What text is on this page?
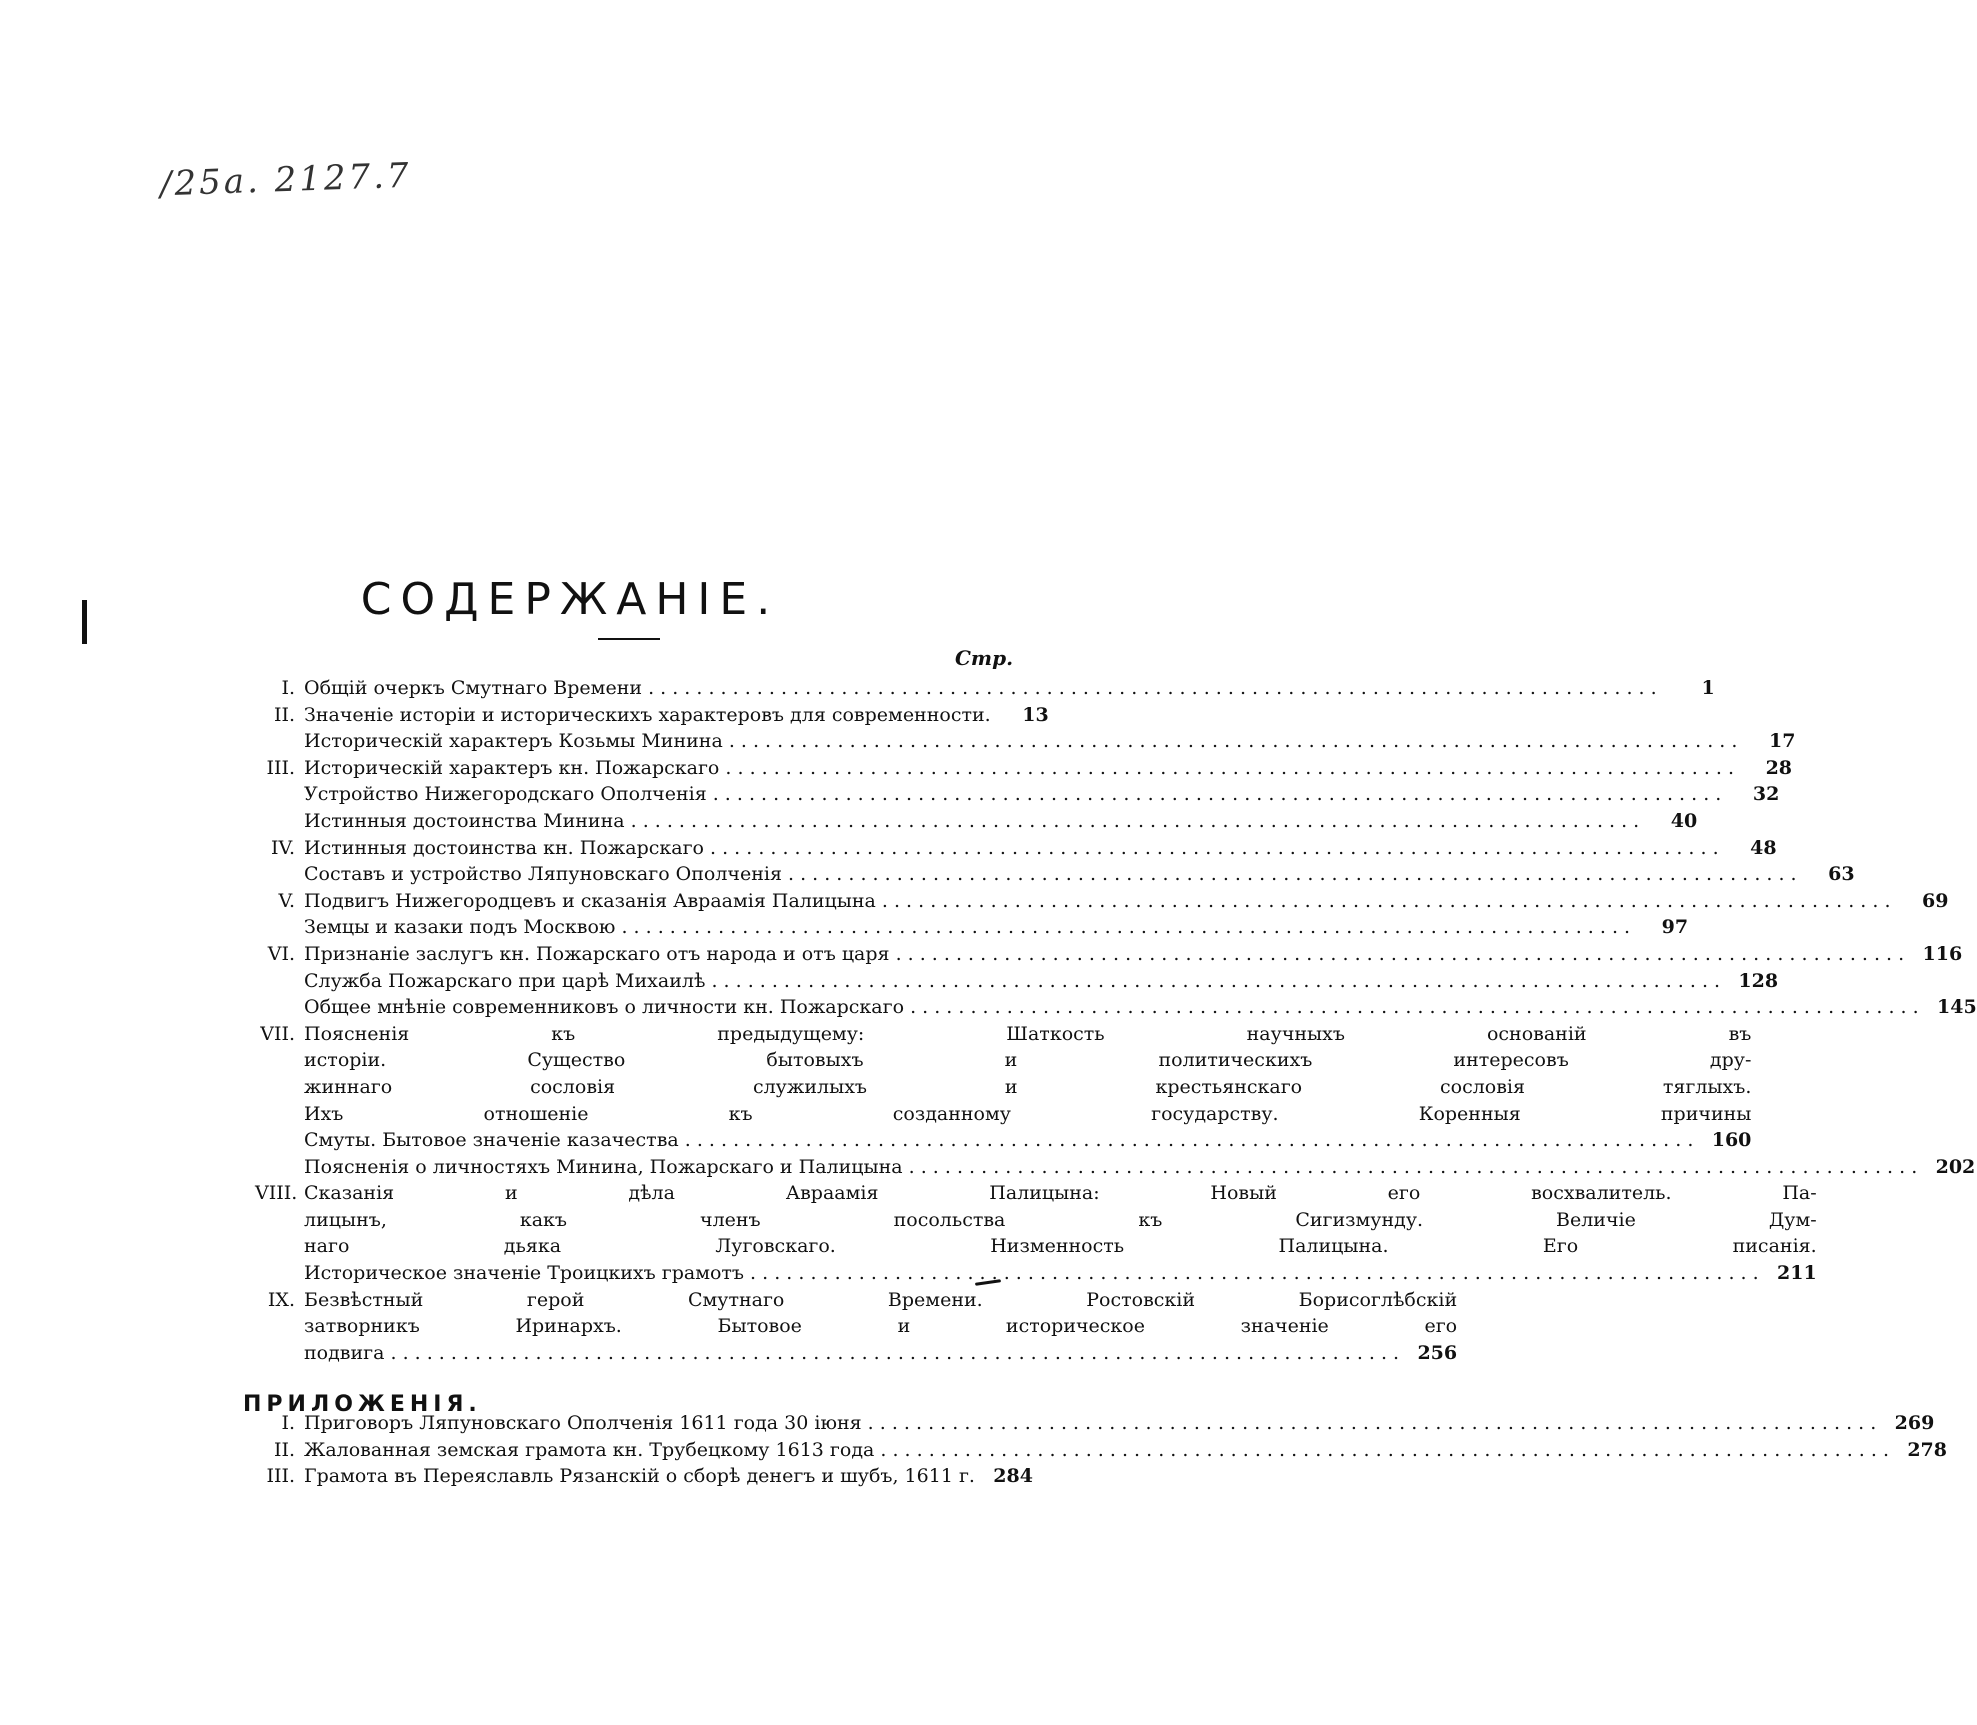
/25a. 2127.7
СОДЕРЖАНІЕ.
Стр.
I. Общій очеркъ Смутнаго Времени . . .	1
II. Значеніе исторіи и историческихъ характеровъ для современности.	13
Историческій характеръ Козьмы Минина . . .	17
III. Историческій характеръ кн. Пожарскаго . . .	28
Устройство Нижегородскаго Ополченія . . .	32
Истинныя достоинства Минина . . .	40
IV. Истинныя достоинства кн. Пожарскаго . . .	48
Составъ и устройство Ляпуновскаго Ополченія . . .	63
V. Подвигъ Нижегородцевъ и сказанія Авраамія Палицына . . .	69
Земцы и казаки подъ Москвою . . .	97
VI. Признаніе заслугъ кн. Пожарскаго отъ народа и отъ царя . . .	116
Служба Пожарскаго при царѣ Михаилѣ . . .	128
Общее мнѣніе современниковъ о личности кн. Пожарскаго . . .	145
VII. Поясненія къ предыдущему: Шаткость научныхъ основаній въ
исторіи. Существо бытовыхъ и политическихъ интересовъ дру-
жиннаго сословія служилыхъ и крестьянскаго сословія тяглыхъ.
Ихъ отношеніе къ созданному государству. Коренныя причины
Смуты. Бытовое значеніе казачества . . .	160
Поясненія о личностяхъ Минина, Пожарскаго и Палицына . . .	202
VIII. Сказанія и дѣла Авраамія Палицына: Новый его восхвалитель. Па-
лицынъ, какъ членъ посольства къ Сигизмунду. Величіе Дум-
наго дьяка Луговскаго. Низменность Палицына. Его писанія.
Историческое значеніе Троицкихъ грамотъ . . .	211
IX. Безвѣстный герой Смутнаго Времени. Ростовскій Борисоглѣбскій
затворникъ Иринархъ. Бытовое и историческое значеніе его
подвига . . .	256
ПРИЛОЖЕНІЯ.
I. Приговоръ Ляпуновскаго Ополченія 1611 года 30 іюня . . .	269
II. Жалованная земская грамота кн. Трубецкому 1613 года . . .	278
III. Грамота въ Переяславль Рязанскій о сборѣ денегъ и шубъ, 1611 г. 284
